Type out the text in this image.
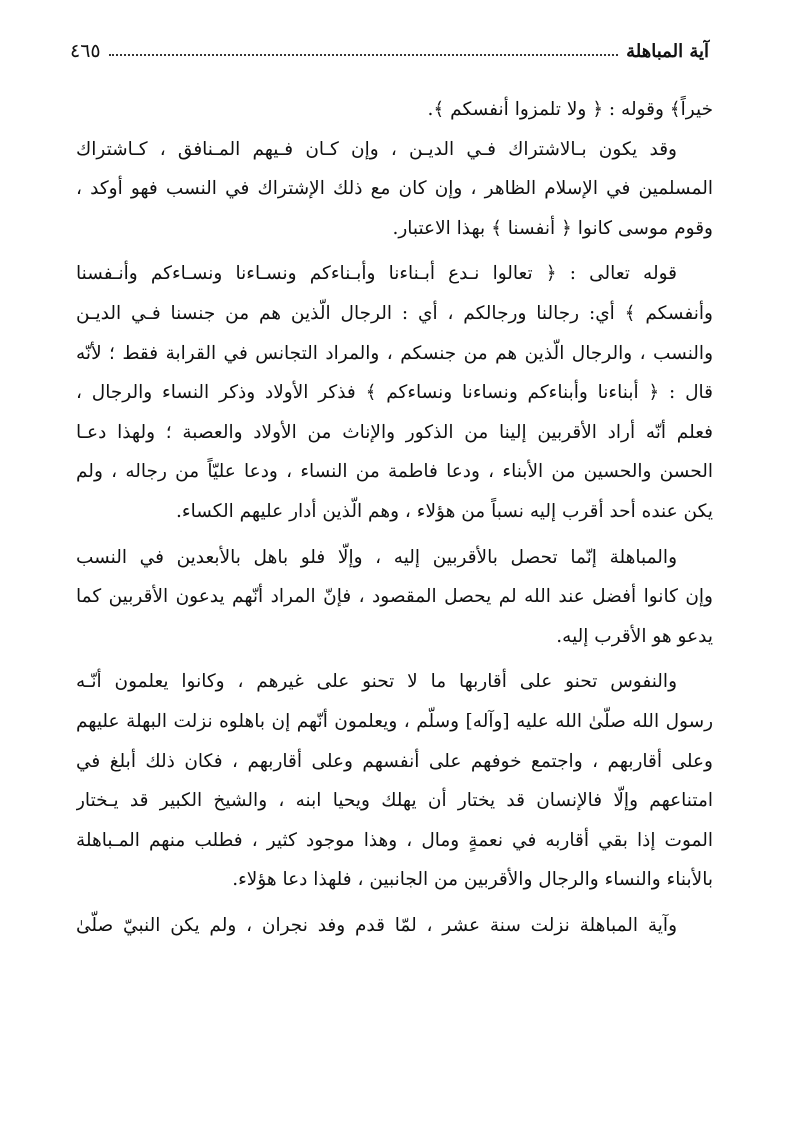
آية المباهلة
٤٦٥
خيراً﴾ وقوله : ﴿ ولا تلمزوا أنفسكم ﴾.
وقد يكون بـالاشتراك فـي الديـن ، وإن كـان فـيهم المـنافق ، كـاشتراك
المسلمين في الإسلام الظاهر ، وإن كان مع ذلك الإشتراك في النسب فهو أوكد ،
وقوم موسى كانوا ﴿ أنفسنا ﴾ بهذا الاعتبار.
قوله تعالى : ﴿ تعالوا نـدع أبـناءنا وأبـناءكم ونسـاءنا ونسـاءكم وأنـفسنا
وأنفسكم ﴾ أي: رجالنا ورجالكم ، أي : الرجال الّذين هم من جنسنا فـي الديـن
والنسب ، والرجال الّذين هم من جنسكم ، والمراد التجانس في القرابة فقط ؛ لأنّه
قال : ﴿ أبناءنا وأبناءكم ونساءنا ونساءكم ﴾ فذكر الأولاد وذكر النساء والرجال ،
فعلم أنّه أراد الأقربين إلينا من الذكور والإناث من الأولاد والعصبة ؛ ولهذا دعـا
الحسن والحسين من الأبناء ، ودعا فاطمة من النساء ، ودعا عليّاً من رجاله ، ولم
يكن عنده أحد أقرب إليه نسباً من هؤلاء ، وهم الّذين أدار عليهم الكساء.
والمباهلة إنّما تحصل بالأقربين إليه ، وإلّا فلو باهل بالأبعدين في النسب
وإن كانوا أفضل عند الله لم يحصل المقصود ، فإنّ المراد أنّهم يدعون الأقربين كما
يدعو هو الأقرب إليه.
والنفوس تحنو على أقاربها ما لا تحنو على غيرهم ، وكانوا يعلمون أنّـه
رسول الله صلّىٰ الله عليه [وآله] وسلّم ، ويعلمون أنّهم إن باهلوه نزلت البهلة عليهم
وعلى أقاربهم ، واجتمع خوفهم على أنفسهم وعلى أقاربهم ، فكان ذلك أبلغ في
امتناعهم وإلّا فالإنسان قد يختار أن يهلك ويحيا ابنه ، والشيخ الكبير قد يـختار
الموت إذا بقي أقاربه في نعمةٍ ومال ، وهذا موجود كثير ، فطلب منهم المـباهلة
بالأبناء والنساء والرجال والأقربين من الجانبين ، فلهذا دعا هؤلاء.
وآية المباهلة نزلت سنة عشر ، لمّا قدم وفد نجران ، ولم يكن النبيّ صلّىٰ
